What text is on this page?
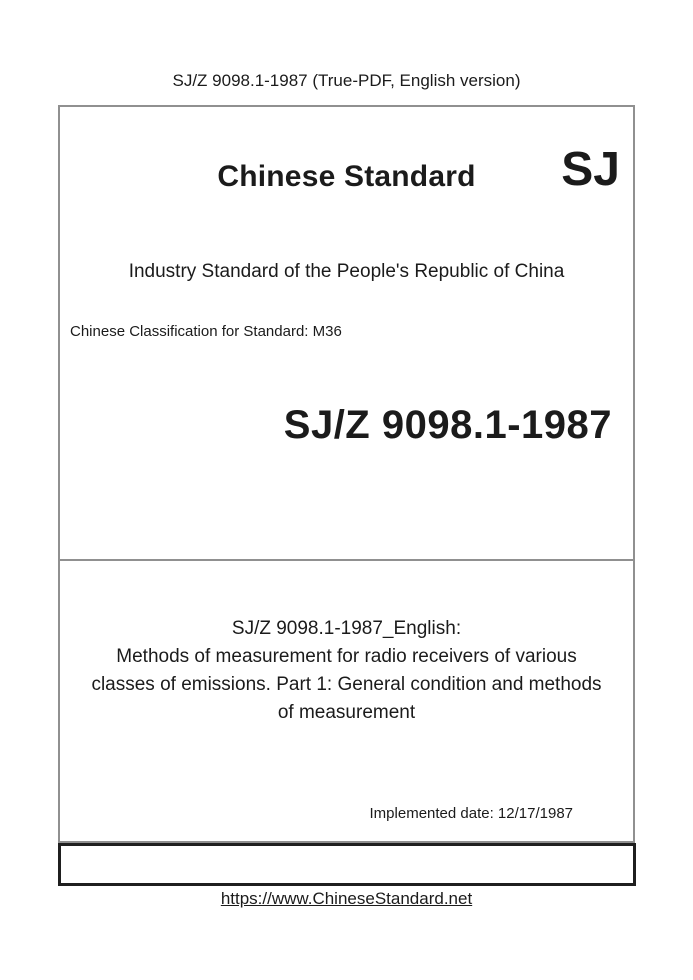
SJ/Z 9098.1-1987 (True-PDF, English version)
Chinese Standard	SJ
Industry Standard of the People's Republic of China
Chinese Classification for Standard: M36
SJ/Z 9098.1-1987
SJ/Z 9098.1-1987_English:
Methods of measurement for radio receivers of various
classes of emissions. Part 1: General condition and methods
of measurement
Implemented date: 12/17/1987
https://www.ChineseStandard.net
